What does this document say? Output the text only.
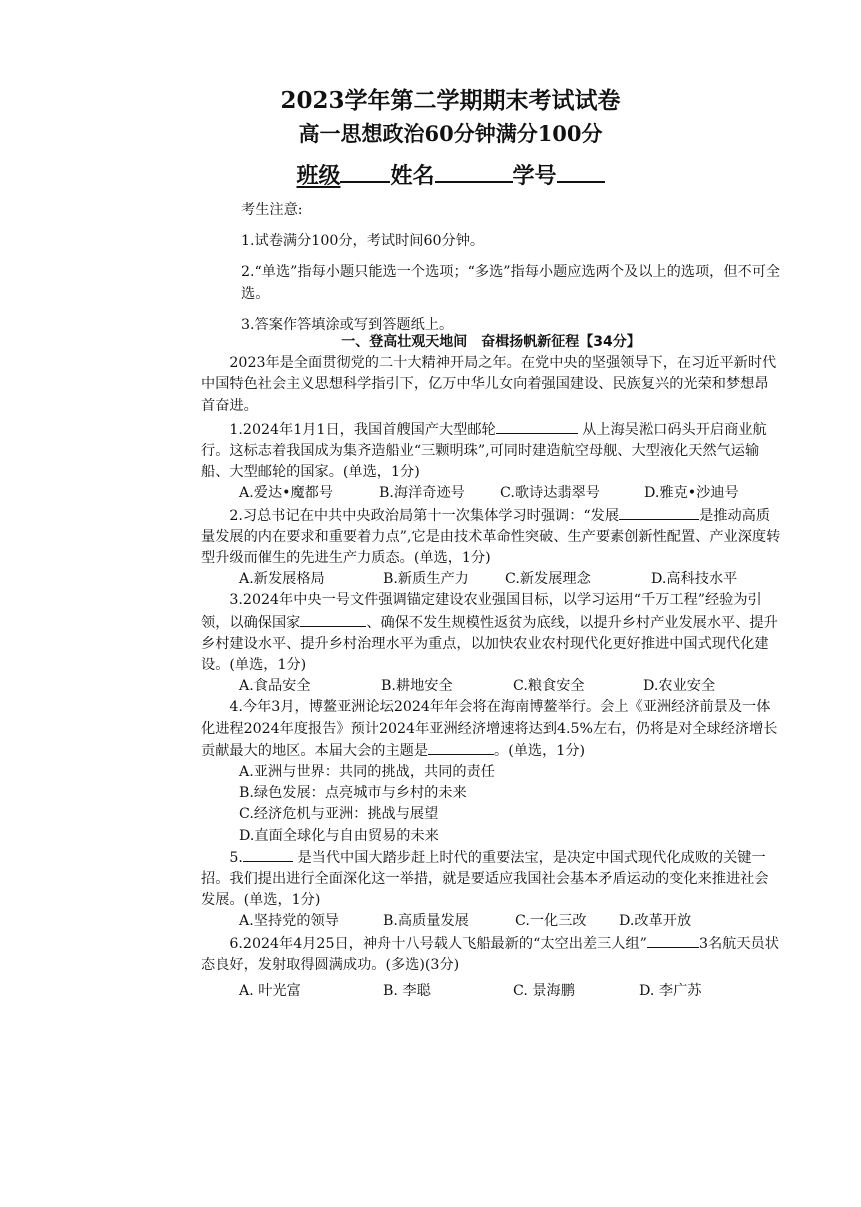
2023学年第二学期期末考试试卷
高一思想政治60分钟满分100分
班级 姓名	学号

考生注意:

1.试卷满分100分，考试时间60分钟。

2.“单选”指每小题只能选一个选项；“多选”指每小题应选两个及以上的选项，但不可全选。

3.答案作答填涂或写到答题纸上。

一、登高壮观天地间　奋楫扬帆新征程【34分】

2023年是全面贯彻党的二十大精神开局之年。在党中央的坚强领导下，在习近平新时代中国特色社会主义思想科学指引下，亿万中华儿女向着强国建设、民族复兴的光荣和梦想昂首奋进。

1.2024年1月1日，我国首艘国产大型邮轮	从上海吴淞口码头开启商业航行。这标志着我国成为集齐造船业“三颗明珠”,可同时建造航空母舰、大型液化天然气运输船、大型邮轮的国家。(单选，1分)

A.爱达•魔都号	B.海洋奇迹号	C.歌诗达翡翠号	D.雅克•沙迪号

2.习总书记在中共中央政治局第十一次集体学习时强调：“发展	是推动高质量发展的内在要求和重要着力点”,它是由技术革命性突破、生产要素创新性配置、产业深度转型升级而催生的先进生产力质态。(单选，1分)

A.新发展格局	B.新质生产力	C.新发展理念	D.高科技水平

3.2024年中央一号文件强调锚定建设农业强国目标，以学习运用“千万工程”经验为引领，以确保国家	、确保不发生规模性返贫为底线，以提升乡村产业发展水平、提升乡村建设水平、提升乡村治理水平为重点，以加快农业农村现代化更好推进中国式现代化建设。(单选，1分)

A.食品安全	B.耕地安全	C.粮食安全	D.农业安全

4.今年3月，博鳌亚洲论坛2024年年会将在海南博鳌举行。会上《亚洲经济前景及一体化进程2024年度报告》预计2024年亚洲经济增速将达到4.5%左右，仍将是对全球经济增长贡献最大的地区。本届大会的主题是	。(单选，1分)

A.亚洲与世界：共同的挑战，共同的责任

B.绿色发展：点亮城市与乡村的未来

C.经济危机与亚洲：挑战与展望

D.直面全球化与自由贸易的未来

5.	是当代中国大踏步赶上时代的重要法宝，是决定中国式现代化成败的关键一招。我们提出进行全面深化这一举措，就是要适应我国社会基本矛盾运动的变化来推进社会发展。(单选，1分)

A.坚持党的领导	B.高质量发展	C.一化三改	D.改革开放

6.2024年4月25日，神舟十八号载人飞船最新的“太空出差三人组”	3名航天员状态良好，发射取得圆满成功。(多选)(3分)

A. 叶光富	B. 李聪	C. 景海鹏	D. 李广苏
